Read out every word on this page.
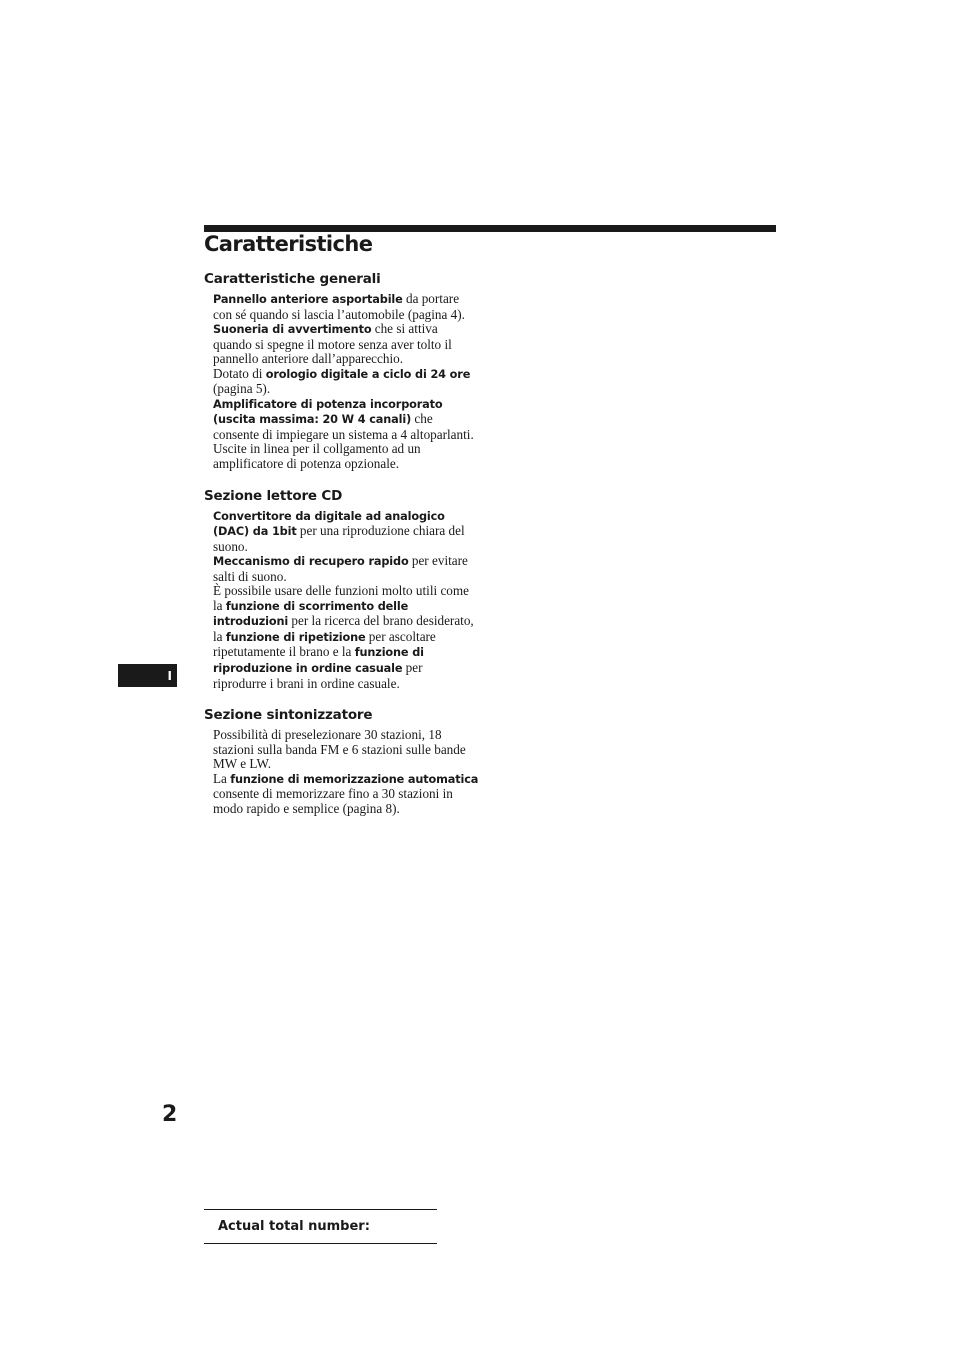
Caratteristiche
Caratteristiche generali
Pannello anteriore asportabile da portare con sé quando si lascia l’automobile (pagina 4).
Suoneria di avvertimento che si attiva quando si spegne il motore senza aver tolto il pannello anteriore dall’apparecchio.
Dotato di orologio digitale a ciclo di 24 ore (pagina 5).
Amplificatore di potenza incorporato (uscita massima: 20 W 4 canali) che consente di impiegare un sistema a 4 altoparlanti.
Uscite in linea per il collgamento ad un amplificatore di potenza opzionale.
Sezione lettore CD
Convertitore da digitale ad analogico (DAC) da 1bit per una riproduzione chiara del suono.
Meccanismo di recupero rapido per evitare salti di suono.
È possibile usare delle funzioni molto utili come la funzione di scorrimento delle introduzioni per la ricerca del brano desiderato, la funzione di ripetizione per ascoltare ripetutamente il brano e la funzione di riproduzione in ordine casuale per riprodurre i brani in ordine casuale.
Sezione sintonizzatore
Possibilità di preselezionare 30 stazioni, 18 stazioni sulla banda FM e 6 stazioni sulle bande MW e LW.
La funzione di memorizzazione automatica consente di memorizzare fino a 30 stazioni in modo rapido e semplice (pagina 8).
I
2
Actual total number:
